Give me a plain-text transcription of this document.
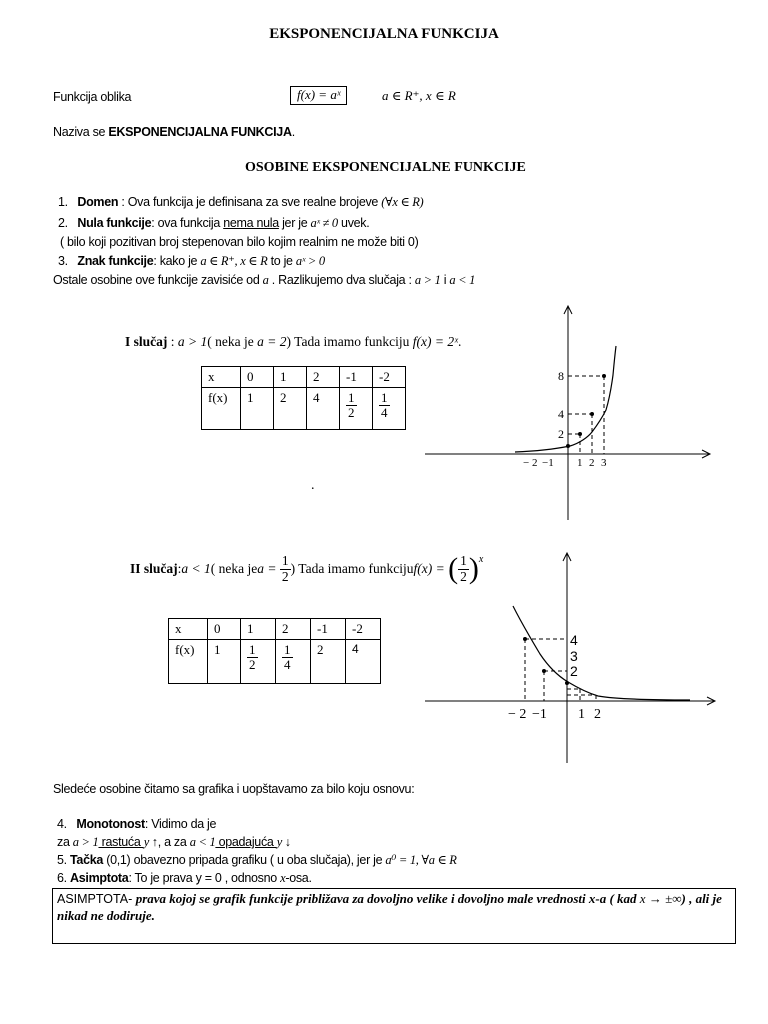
EKSPONENCIJALNA FUNKCIJA
Funkcija oblika	f(x) = aˣ	a ∈ R⁺, x ∈ R
Naziva se EKSPONENCIJALNA FUNKCIJA.
OSOBINE EKSPONENCIJALNE FUNKCIJE
1. Domen : Ova funkcija je definisana za sve realne brojeve (∀x ∈ R)
2. Nula funkcije: ova funkcija nema nula jer je aˣ ≠ 0 uvek.
( bilo koji pozitivan broj stepenovan bilo kojim realnim ne može biti 0)
3. Znak funkcije: kako je a ∈ R⁺, x ∈ R to je aˣ > 0
Ostale osobine ove funkcije zavisiće od a . Razlikujemo dva slučaja : a > 1 i a < 1
I slučaj : a > 1( neka je a = 2) Tada imamo funkciju f(x) = 2ˣ.
x	0	1	2	-1	-2
f(x)	1	2	4	$\frac{1}{2}$	$\frac{1}{4}$
8
4
2
− 2 −1 1 2 3
.
II slučaj : a < 1 ( neka je a =
$\frac{1}{2}$ ) Tada imamo funkciju f(x) =
( $\frac{1}{2} )^x$
x	0	1	2	-1	-2
f(x)	1	$\frac{1}{2}$	$\frac{1}{4}$	2	4
4
3
2
− 2 −1 1 2
Sledeće osobine čitamo sa grafika i uopštavamo za bilo koju osnovu:
4. Monotonost: Vidimo da je
za a > 1 rastuća y ↑, a za a < 1 opadajuća y ↓
5. Tačka (0,1) obavezno pripada grafiku ( u oba slučaja), jer je a⁰ = 1, ∀a ∈ R
6. Asimptota: To je prava y = 0 , odnosno x-osa.
ASIMPTOTA- prava kojoj se grafik funkcije približava za dovoljno velike i dovoljno male vrednosti x-a ( kad x → ±∞) , ali je nikad ne dodiruje.
